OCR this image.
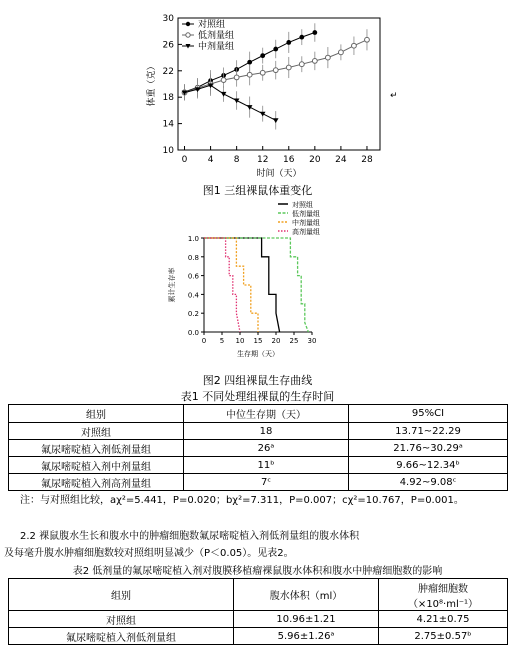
10
14
18
22
26
30
0 4 8 12 16 20 24 28
体重（克）
时间（天）
对照组
低剂量组
中剂量组
↵
图1 三组裸鼠体重变化
0.0
0.2
0.4
0.6
0.8
1.0
0 5 10 15 20 25 30
累计生存率
生存期（天）
对照组
低剂量组
中剂量组
高剂量组
图2 四组裸鼠生存曲线
表1 不同处理组裸鼠的生存时间
组别	中位生存期（天）	95%CI
对照组	18	13.71~22.29
氟尿嘧啶植入剂低剂量组	26ᵃ	21.76~30.29ᵃ
氟尿嘧啶植入剂中剂量组	11ᵇ	9.66~12.34ᵇ
氟尿嘧啶植入剂高剂量组	7ᶜ	4.92~9.08ᶜ
注：与对照组比较，aχ²=5.441，P=0.020；bχ²=7.311，P=0.007；cχ²=10.767，P=0.001。
2.2 裸鼠腹水生长和腹水中的肿瘤细胞数氟尿嘧啶植入剂低剂量组的腹水体积
及每毫升腹水肿瘤细胞数较对照组明显减少（P＜0.05）。见表2。
表2 低剂量的氟尿嘧啶植入剂对腹膜移植瘤裸鼠腹水体积和腹水中肿瘤细胞数的影响
组别	腹水体积（ml）	肿瘤细胞数
（×10⁸·ml⁻¹）

对照组	10.96±1.21	4.21±0.75
氟尿嘧啶植入剂低剂量组	5.96±1.26ᵃ	2.75±0.57ᵇ
